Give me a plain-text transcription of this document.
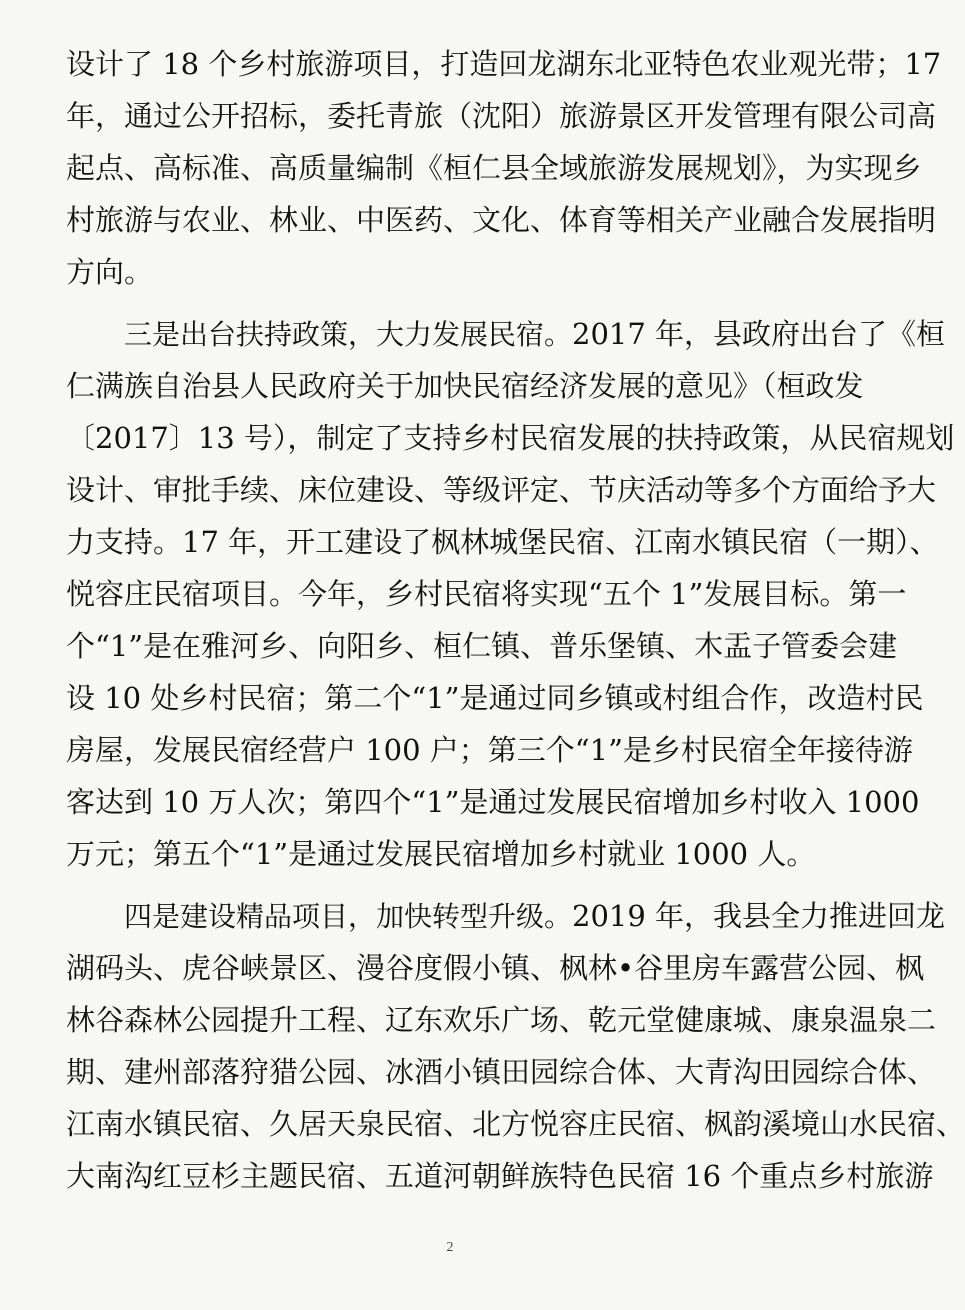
设计了 18 个乡村旅游项目，打造回龙湖东北亚特色农业观光带；17
年，通过公开招标，委托青旅（沈阳）旅游景区开发管理有限公司高
起点、高标准、高质量编制《桓仁县全域旅游发展规划》，为实现乡
村旅游与农业、林业、中医药、文化、体育等相关产业融合发展指明
方向。
三是出台扶持政策，大力发展民宿。2017 年，县政府出台了《桓
仁满族自治县人民政府关于加快民宿经济发展的意见》（桓政发
〔2017〕13 号），制定了支持乡村民宿发展的扶持政策，从民宿规划
设计、审批手续、床位建设、等级评定、节庆活动等多个方面给予大
力支持。17 年，开工建设了枫林城堡民宿、江南水镇民宿（一期）、
悦容庄民宿项目。今年，乡村民宿将实现“五个 1”发展目标。第一
个“1”是在雅河乡、向阳乡、桓仁镇、普乐堡镇、木盂子管委会建
设 10 处乡村民宿；第二个“1”是通过同乡镇或村组合作，改造村民
房屋，发展民宿经营户 100 户；第三个“1”是乡村民宿全年接待游
客达到 10 万人次；第四个“1”是通过发展民宿增加乡村收入 1000
万元；第五个“1”是通过发展民宿增加乡村就业 1000 人。
四是建设精品项目，加快转型升级。2019 年，我县全力推进回龙
湖码头、虎谷峡景区、漫谷度假小镇、枫林•谷里房车露营公园、枫
林谷森林公园提升工程、辽东欢乐广场、乾元堂健康城、康泉温泉二
期、建州部落狩猎公园、冰酒小镇田园综合体、大青沟田园综合体、
江南水镇民宿、久居天泉民宿、北方悦容庄民宿、枫韵溪境山水民宿、
大南沟红豆杉主题民宿、五道河朝鲜族特色民宿 16 个重点乡村旅游
2
